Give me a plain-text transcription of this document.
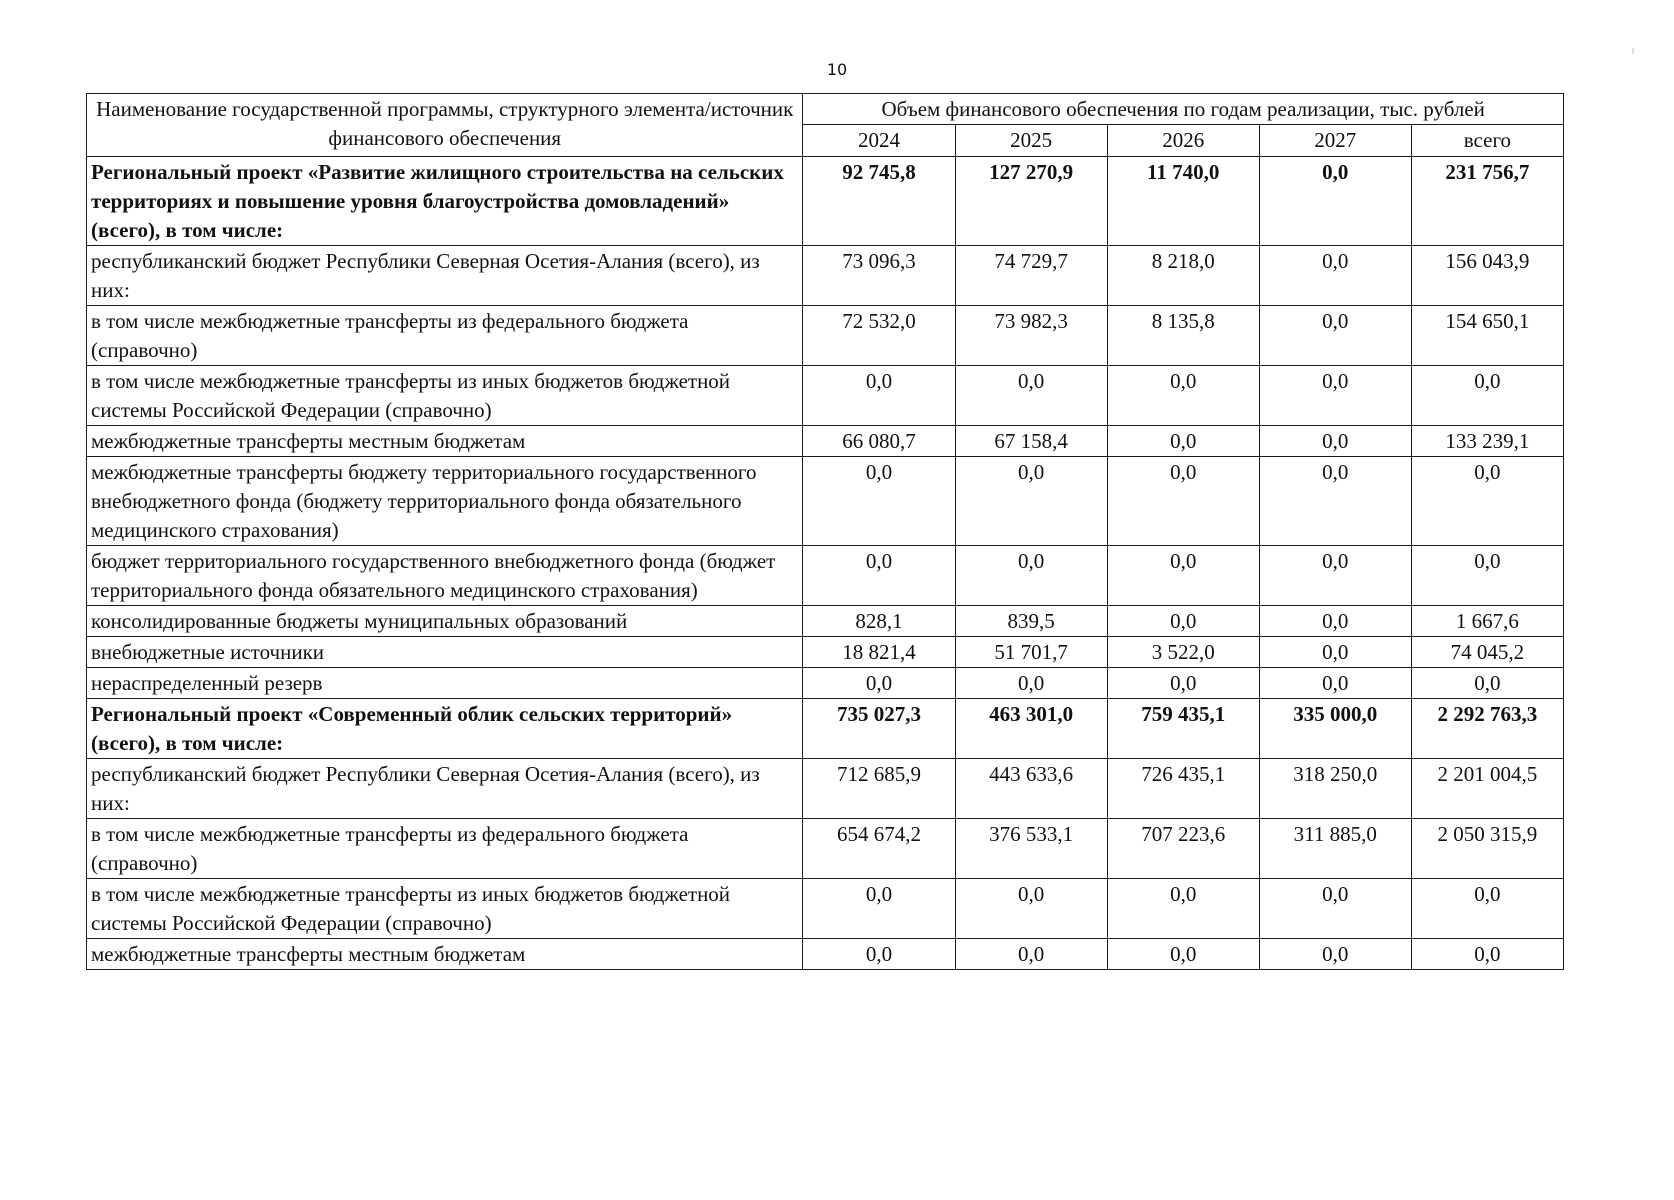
10
Наименование государственной программы, структурного элемента/источник финансового обеспечения	Объем финансового обеспечения по годам реализации, тыс. рублей				
	2024	2025	2026	2027	всего
Региональный проект «Развитие жилищного строительства на сельских территориях и повышение уровня благоустройства домовладений» (всего), в том числе:	92 745,8	127 270,9	11 740,0	0,0	231 756,7
республиканский бюджет Республики Северная Осетия-Алания (всего), из них:	73 096,3	74 729,7	8 218,0	0,0	156 043,9
в том числе межбюджетные трансферты из федерального бюджета (справочно)	72 532,0	73 982,3	8 135,8	0,0	154 650,1
в том числе межбюджетные трансферты из иных бюджетов бюджетной системы Российской Федерации (справочно)	0,0	0,0	0,0	0,0	0,0
межбюджетные трансферты местным бюджетам	66 080,7	67 158,4	0,0	0,0	133 239,1
межбюджетные трансферты бюджету территориального государственного внебюджетного фонда (бюджету территориального фонда обязательного медицинского страхования)	0,0	0,0	0,0	0,0	0,0
бюджет территориального государственного внебюджетного фонда (бюджет территориального фонда обязательного медицинского страхования)	0,0	0,0	0,0	0,0	0,0
консолидированные бюджеты муниципальных образований	828,1	839,5	0,0	0,0	1 667,6
внебюджетные источники	18 821,4	51 701,7	3 522,0	0,0	74 045,2
нераспределенный резерв	0,0	0,0	0,0	0,0	0,0
Региональный проект «Современный облик сельских территорий» (всего), в том числе:	735 027,3	463 301,0	759 435,1	335 000,0	2 292 763,3
республиканский бюджет Республики Северная Осетия-Алания (всего), из них:	712 685,9	443 633,6	726 435,1	318 250,0	2 201 004,5
в том числе межбюджетные трансферты из федерального бюджета (справочно)	654 674,2	376 533,1	707 223,6	311 885,0	2 050 315,9
в том числе межбюджетные трансферты из иных бюджетов бюджетной системы Российской Федерации (справочно)	0,0	0,0	0,0	0,0	0,0
межбюджетные трансферты местным бюджетам	0,0	0,0	0,0	0,0	0,0
